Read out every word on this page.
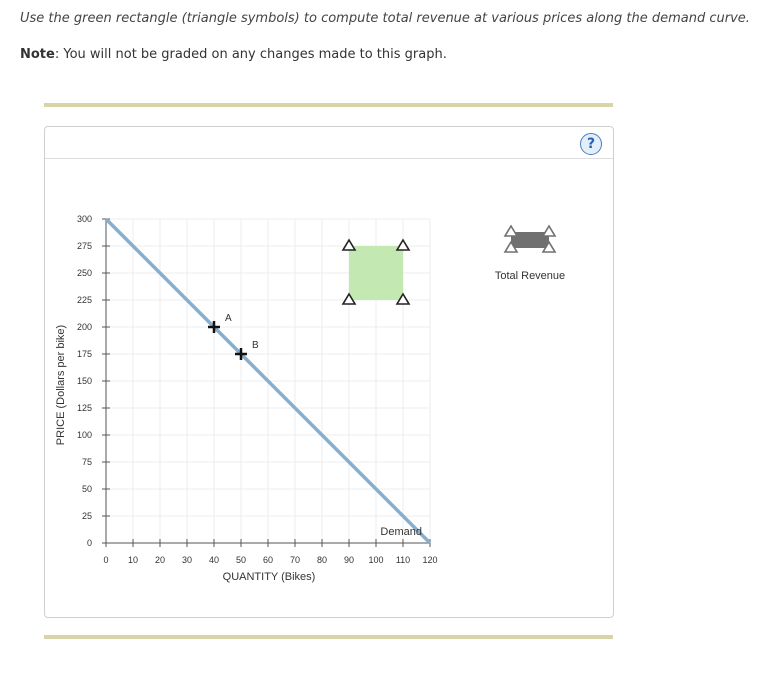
Use the green rectangle (triangle symbols) to compute total revenue at various prices along the demand curve.
Note: You will not be graded on any changes made to this graph.
?
0 10 20 30 40 50 60 70 80 90 100 110 120
0
25
50
75
100
125
150
175
200
225
250
275
300
QUANTITY (Bikes)
PRICE (Dollars per bike)
Demand
A
B
Total Revenue
